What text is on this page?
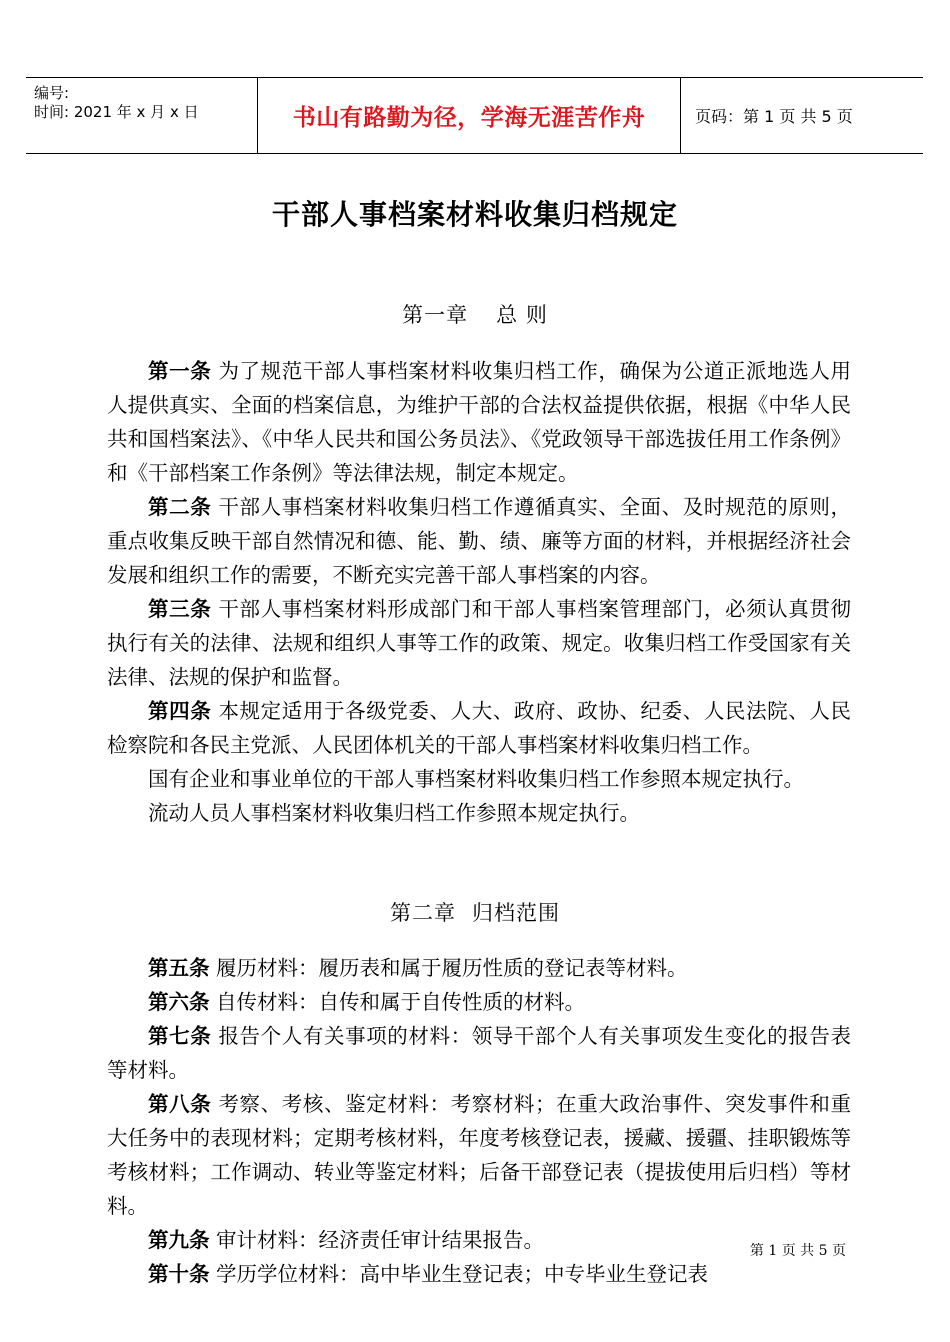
编号:
时间: 2021 年 x 月 x 日	书山有路勤为径，学海无涯苦作舟	页码：第 1 页 共 5 页
干部人事档案材料收集归档规定
第一章 总 则

第一条 为了规范干部人事档案材料收集归档工作，确保为公道正派地选人用人提供真实、全面的档案信息，为维护干部的合法权益提供依据，根据《中华人民共和国档案法》、《中华人民共和国公务员法》、《党政领导干部选拔任用工作条例》和《干部档案工作条例》等法律法规，制定本规定。

第二条 干部人事档案材料收集归档工作遵循真实、全面、及时规范的原则，重点收集反映干部自然情况和德、能、勤、绩、廉等方面的材料，并根据经济社会发展和组织工作的需要，不断充实完善干部人事档案的内容。

第三条 干部人事档案材料形成部门和干部人事档案管理部门，必须认真贯彻执行有关的法律、法规和组织人事等工作的政策、规定。收集归档工作受国家有关法律、法规的保护和监督。

第四条 本规定适用于各级党委、人大、政府、政协、纪委、人民法院、人民检察院和各民主党派、人民团体机关的干部人事档案材料收集归档工作。

国有企业和事业单位的干部人事档案材料收集归档工作参照本规定执行。

流动人员人事档案材料收集归档工作参照本规定执行。

第二章 归档范围

第五条 履历材料：履历表和属于履历性质的登记表等材料。

第六条 自传材料：自传和属于自传性质的材料。

第七条 报告个人有关事项的材料：领导干部个人有关事项发生变化的报告表等材料。

第八条 考察、考核、鉴定材料：考察材料；在重大政治事件、突发事件和重大任务中的表现材料；定期考核材料，年度考核登记表，援藏、援疆、挂职锻炼等考核材料；工作调动、转业等鉴定材料；后备干部登记表（提拔使用后归档）等材料。

第九条 审计材料：经济责任审计结果报告。

第十条 学历学位材料：高中毕业生登记表；中专毕业生登记表

第 1 页 共 5 页
